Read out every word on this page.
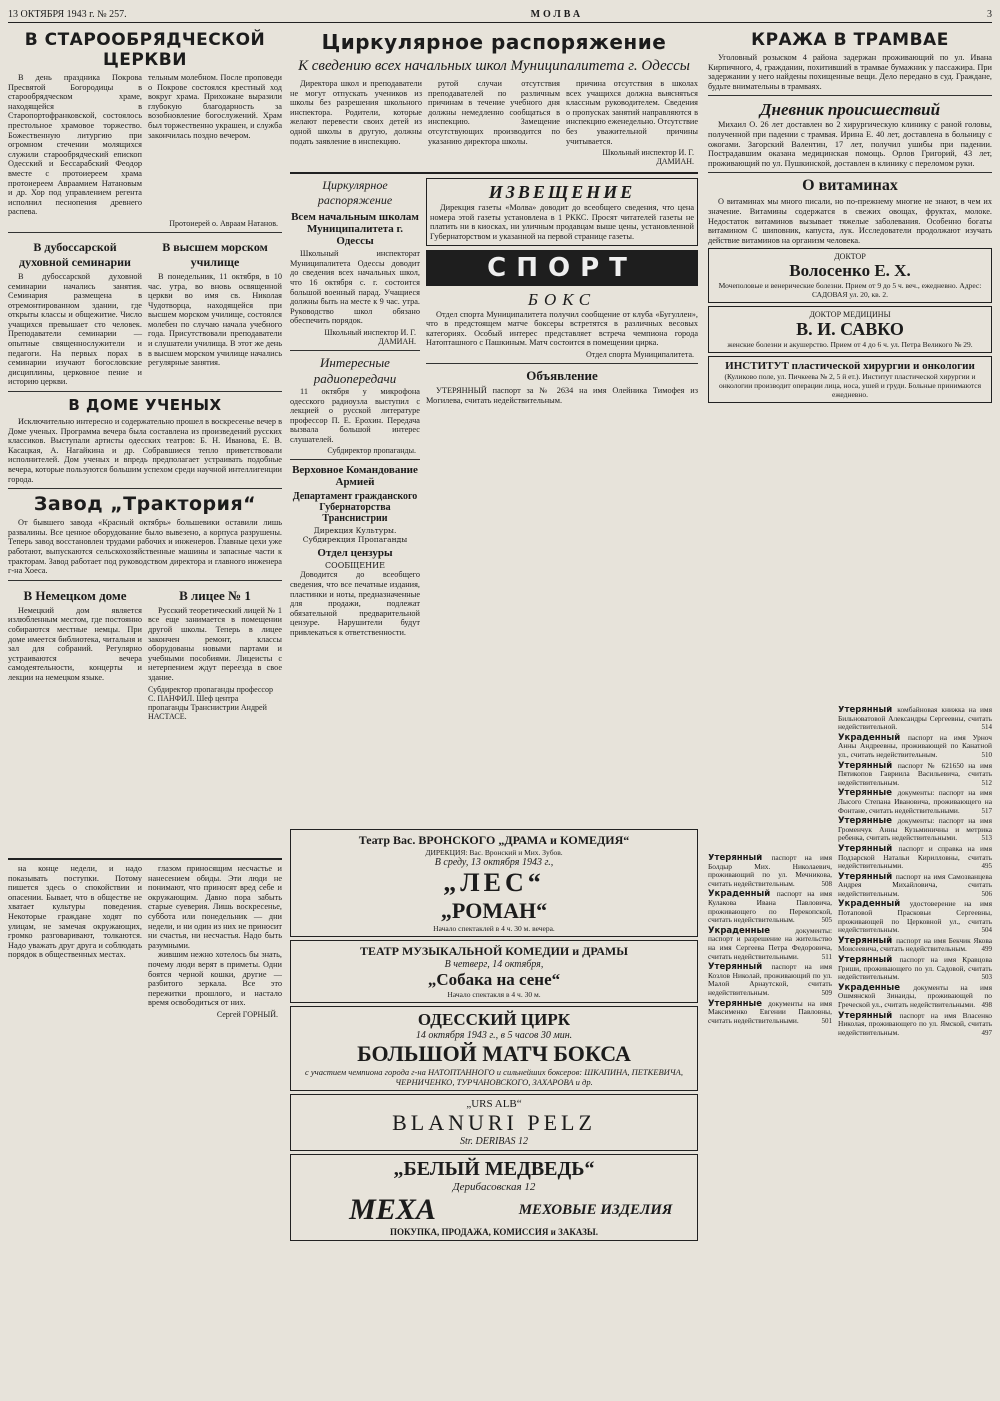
13 ОКТЯБРЯ 1943 г. № 257.	МОЛВА	3
В СТАРООБРЯДЧЕСКОЙ ЦЕРКВИ

В день праздника Покрова Пресвятой Богородицы в старообрядческом храме, находящейся в Старопортофранковской, состоялось престольное храмовое торжество. Божественную литургию при огромном стечении молящихся служили старообрядческий епископ Одесский и Бессарабский Феодор вместе с протоиереем храма протоиереем Авраамием Натановым и др. Хор под управлением регента исполнил песнопения древнего распева.

тельным молебном. После проповеди о Покрове состоялся крестный ход вокруг храма. Прихожане выразили глубокую благодарность за возобновление богослужений. Храм был торжественно украшен, и служба закончилась поздно вечером.

Протоиерей о. Авраам Натанов.
В дубоссарской духовной семинарии

В дубоссарской духовной семинарии начались занятия. Семинария размещена в отремонтированном здании, где открыты классы и общежитие. Число учащихся превышает сто человек. Преподаватели семинарии — опытные священнослужители и педагоги. На первых порах в семинарии изучают богословские дисциплины, церковное пение и историю церкви.

В высшем морском училище

В понедельник, 11 октября, в 10 час. утра, во вновь освященной церкви во имя св. Николая Чудотворца, находящейся при высшем морском училище, состоялся молебен по случаю начала учебного года. Присутствовали преподаватели и слушатели училища. В этот же день в высшем морском училище начались регулярные занятия.

В ДОМЕ УЧЕНЫХ

Исключительно интересно и содержательно прошел в воскресенье вечер в Доме ученых. Программа вечера была составлена из произведений русских классиков. Выступали артисты одесских театров: Б. Н. Иванова, Е. В. Касацкая, А. Нагайкина и др. Собравшиеся тепло приветствовали исполнителей. Дом ученых и впредь предполагает устраивать подобные вечера, которые пользуются большим успехом среди научной интеллигенции города.

Завод „Трактория“

От бывшего завода «Красный октябрь» большевики оставили лишь развалины. Все ценное оборудование было вывезено, а корпуса разрушены. Теперь завод восстановлен трудами рабочих и инженеров. Главные цехи уже работают, выпускаются сельскохозяйственные машины и запасные части к тракторам. Завод работает под руководством директора и главного инженера г-на Хоеса.

В Немецком доме

Немецкий дом является излюбленным местом, где постоянно собираются местные немцы. При доме имеется библиотека, читальня и зал для собраний. Регулярно устраиваются вечера самодеятельности, концерты и лекции на немецком языке.

В лицее № 1

Русский теоретический лицей № 1 все еще занимается в помещении другой школы. Теперь в лицее закончен ремонт, классы оборудованы новыми партами и учебными пособиями. Лицеисты с нетерпением ждут переезда в свое здание.

Субдиректор пропаганды профессор С. ПАНФИЛ. Шеф центра пропаганды Транснистрии Андрей НАСТАСЕ.
Циркулярное распоряжение
К сведению всех начальных школ Муниципалитета г. Одессы

Директора школ и преподаватели не могут отпускать учеников из школы без разрешения школьного инспектора. Родители, которые желают перевести своих детей из одной школы в другую, должны подать заявление в инспекцию.

рутой случаи отсутствия преподавателей по различным причинам в течение учебного дня должны немедленно сообщаться в инспекцию. Замещение отсутствующих производится по указанию директора школы.

причина отсутствия в школах всех учащихся должна выясняться классным руководителем. Сведения о пропусках занятий направляются в инспекцию еженедельно. Отсутствие без уважительной причины учитывается.

Школьный инспектор И. Г. ДАМИАН.
Циркулярное распоряжение
Всем начальным школам Муниципалитета г. Одессы

Школьный инспекторат Муниципалитета Одессы доводит до сведения всех начальных школ, что 16 октября с. г. состоится большой военный парад. Учащиеся должны быть на месте к 9 час. утра. Руководство школ обязано обеспечить порядок.

Школьный инспектор И. Г. ДАМИАН.
Интересные радиопередачи

11 октября у микрофона одесского радиоузла выступил с лекцией о русской литературе профессор П. Е. Ерохин. Передача вызвала большой интерес слушателей.

Субдиректор пропаганды.
Верховное Командование Армией
Департамент гражданского Губернаторства Транснистрии
Дирекция Культуры. Субдирекция Пропаганды
Отдел цензуры
СООБЩЕНИЕ

Доводится до всеобщего сведения, что все печатные издания, пластинки и ноты, предназначенные для продажи, подлежат обязательной предварительной цензуре. Нарушители будут привлекаться к ответственности.

ИЗВЕЩЕНИЕ

Дирекция газеты «Молва» доводит до всеобщего сведения, что цена номера этой газеты установлена в 1 РККС. Просят читателей газеты не платить ни в киосках, ни уличным продавцам выше цены, установленной Губернаторством и указанной на первой странице газеты.

СПОРТ
БОКС

Отдел спорта Муниципалитета получил сообщение от клуба «Бугуллен», что в предстоящем матче боксеры встретятся в различных весовых категориях. Особый интерес представляет встреча чемпиона города Натопташного с Пашкиным. Матч состоится в помещении цирка.

Отдел спорта Муниципалитета.
Объявление

УТЕРЯННЫЙ паспорт за № 2634 на имя Олейника Тимофея из Могилева, считать недействительным.

КРАЖА В ТРАМВАЕ

Уголовный розыском 4 района задержан проживающий по ул. Ивана Кирпичного, 4, гражданин, похитивший в трамвае бумажник у пассажира. При задержании у него найдены похищенные вещи. Дело передано в суд. Граждане, будьте внимательны в трамваях.

Дневник происшествий

Михаил О. 26 лет доставлен во 2 хирургическую клинику с раной головы, полученной при падении с трамвая. Ирина Е. 40 лет, доставлена в больницу с ожогами. Загорский Валентин, 17 лет, получил ушибы при падении. Пострадавшим оказана медицинская помощь. Орлов Григорий, 43 лет, проживающий по ул. Пушкинской, доставлен в клинику с переломом руки.

О витаминах

О витаминах мы много писали, но по-прежнему многие не знают, в чем их значение. Витамины содержатся в свежих овощах, фруктах, молоке. Недостаток витаминов вызывает тяжелые заболевания. Особенно богаты витамином С шиповник, капуста, лук. Исследователи продолжают изучать действие витаминов на организм человека.

ДОКТОР
Волосенко Е. Х.
Мочеполовые и венерические болезни. Прием от 9 до 5 ч. веч., ежедневно. Адрес: САДОВАЯ ул. 20, кв. 2.
ДОКТОР МЕДИЦИНЫ
В. И. САВКО
женские болезни и акушерство. Прием от 4 до 6 ч. ул. Петра Великого № 29.
ИНСТИТУТ пластической хирургии и онкологии
(Куликово поле, ул. Пичкеева № 2, 5 й ет.). Институт пластической хирургии и онкологии производит операции лица, носа, ушей и груди. Больные принимаются ежедневно.

на конце недели, и надо показывать поступки. Потому пишется здесь о спокойствии и опасении. Бывает, что в обществе не хватает культуры поведения. Некоторые граждане ходят по улицам, не замечая окружающих, громко разговаривают, толкаются. Надо уважать друг друга и соблюдать порядок в общественных местах.

глазом приносящим несчастье и нанесением обиды. Эти люди не понимают, что приносят вред себе и окружающим. Давно пора забыть старые суеверия. Лишь воскресенье, суббота или понедельник — дни недели, и ни один из них не приносит ни счастья, ни несчастья. Надо быть разумными.

жившим нежно хотелось бы знать, почему люди верят в приметы. Одни боятся черной кошки, другие — разбитого зеркала. Все это пережитки прошлого, и настало время освободиться от них.

Сергей ГОРНЫЙ.
Театр Вас. ВРОНСКОГО „ДРАМА и КОМЕДИЯ“
ДИРЕКЦИЯ: Вас. Вронский и Мих. Зубов.
В среду, 13 октября 1943 г.,
„ЛЕС“
„РОМАН“
Начало спектаклей в 4 ч. 30 м. вечера.
ТЕАТР МУЗЫКАЛЬНОЙ КОМЕДИИ и ДРАМЫ
В четверг, 14 октября,
„Собака на сене“
Начало спектакля в 4 ч. 30 м.
ОДЕССКИЙ ЦИРК
14 октября 1943 г., в 5 часов 30 мин.
БОЛЬШОЙ МАТЧ БОКСА
с участием чемпиона города г-на НАТОПТАННОГО и сильнейших боксеров: ШКАПИНА, ПЕТКЕВИЧА, ЧЕРНИЧЕНКО, ТУРЧАНОВСКОГО, ЗАХАРОВА и др.
„URS ALB“
BLANURI PELZ
Str. DERIBAS 12
„БЕЛЫЙ МЕДВЕДЬ“
Дерибасовская 12
МЕХА	МЕХОВЫЕ ИЗДЕЛИЯ
ПОКУПКА, ПРОДАЖА, КОМИССИЯ и ЗАКАЗЫ.

Утерянный паспорт на имя Болдыр Мих. Николаевич, проживающий по ул. Мечникова, считать недействительным.	508

Украденный паспорт на имя Кулакова Ивана Павловича, проживающего по Перекопской, считать недействительным.	505

Украденные документы: паспорт и разрешение на жительство на имя Сергеева Петра Федоровича, считать недействительными.	511

Утерянный паспорт на имя Козлов Николай, проживающий по ул. Малой Арнаутской, считать недействительным.	509

Утерянные документы на имя Максименко Евгении Павловны, считать недействительными.	501

Утерянный комбайновая книжка на имя Бильноватовой Александры Сергеевны, считать недействительной.	514

Украденный паспорт на имя Урноч Анны Андреевны, проживающей по Канатной ул., считать недействительным.	510

Утерянный паспорт № 621650 на имя Пятикопов Гавриила Васильевича, считать недействительным.	512

Утерянные документы: паспорт на имя Лысого Степана Ивановича, проживающего на Фонтане, считать недействительными.	517

Утерянные документы: паспорт на имя Громенчук Анны Кузьминичны и метрика ребенка, считать недействительными.	513

Утерянный паспорт и справка на имя Подзарской Натальи Кирилловны, считать недействительными.	495

Утерянный паспорт на имя Самозванцева Андрея Михайловича, считать недействительным.	506

Украденный удостоверение на имя Потаповой Прасковьи Сергеевны, проживающей по Церковной ул., считать недействительным.	504

Утерянный паспорт на имя Бекчик Якова Моисеевича, считать недействительным. 499

Утерянный паспорт на имя Кравцова Гриши, проживающего по ул. Садовой, считать недействительным.	503

Украденные документы на имя Ошмянской Зинаиды, проживающей по Греческой ул., считать недействительными. 498

Утерянный паспорт на имя Власенко Николая, проживающего по ул. Ямской, считать недействительным.	497
